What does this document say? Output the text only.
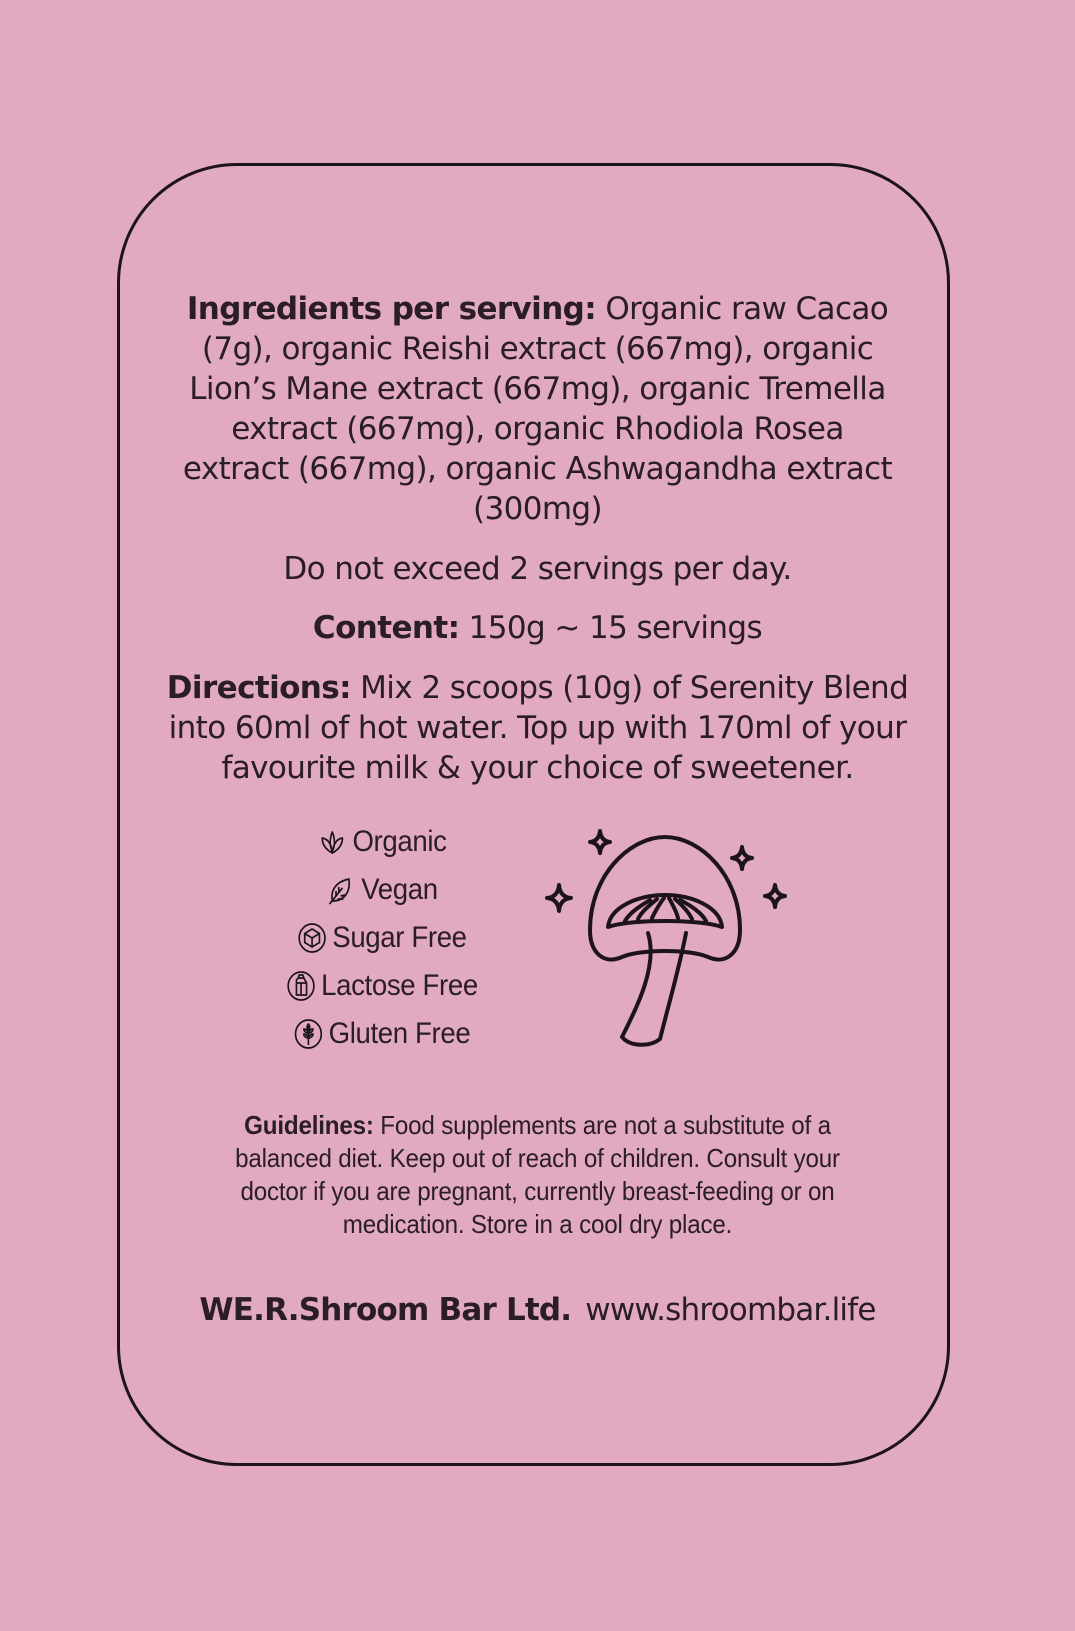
Ingredients per serving: Organic raw Cacao (7g), organic Reishi extract (667mg), organic Lion’s Mane extract (667mg), organic Tremella extract (667mg), organic Rhodiola Rosea extract (667mg), organic Ashwagandha extract (300mg)

Do not exceed 2 servings per day.

Content: 150g ~ 15 servings

Directions: Mix 2 scoops (10g) of Serenity Blend into 60ml of hot water. Top up with 170ml of your favourite milk & your choice of sweetener.

Organic
Vegan
Sugar Free
Lactose Free
Gluten Free

Guidelines: Food supplements are not a substitute of a balanced diet. Keep out of reach of children. Consult your doctor if you are pregnant, currently breast-feeding or on medication. Store in a cool dry place.

WE.R.Shroom Bar Ltd. www.shroombar.life
